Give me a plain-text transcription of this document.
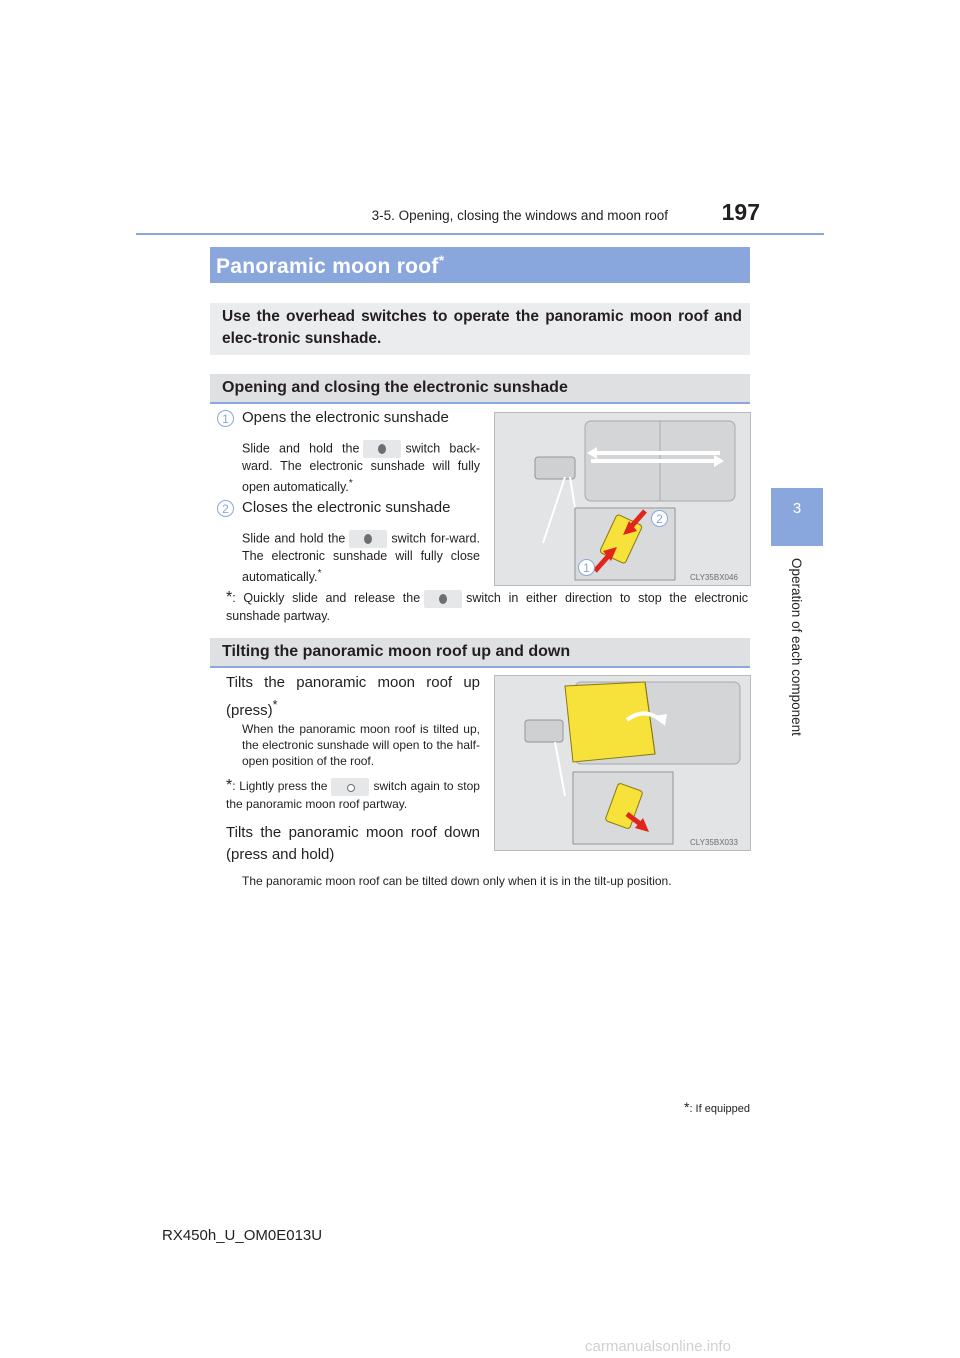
3-5. Opening, closing the windows and moon roof 197
3
Operation of each component
Panoramic moon roof*
Use the overhead switches to operate the panoramic moon roof and elec-tronic sunshade.
Opening and closing the electronic sunshade
1 Opens the electronic sunshade
Slide and hold the	switch back-ward. The electronic sunshade will fully open automatically.*
2 Closes the electronic sunshade
Slide and hold the	switch for-ward. The electronic sunshade will fully close automatically.*
2
1
CLY35BX046
*: Quickly slide and release the	switch in either direction to stop the electronic sunshade partway.
Tilting the panoramic moon roof up and down
Tilts the panoramic moon roof up (press)*
When the panoramic moon roof is tilted up, the electronic sunshade will open to the half-open position of the roof.
*: Lightly press the	switch again to stop the panoramic moon roof partway.
Tilts the panoramic moon roof down (press and hold)
The panoramic moon roof can be tilted down only when it is in the tilt-up position.
CLY35BX033
*: If equipped
RX450h_U_OM0E013U
carmanualsonline.info
